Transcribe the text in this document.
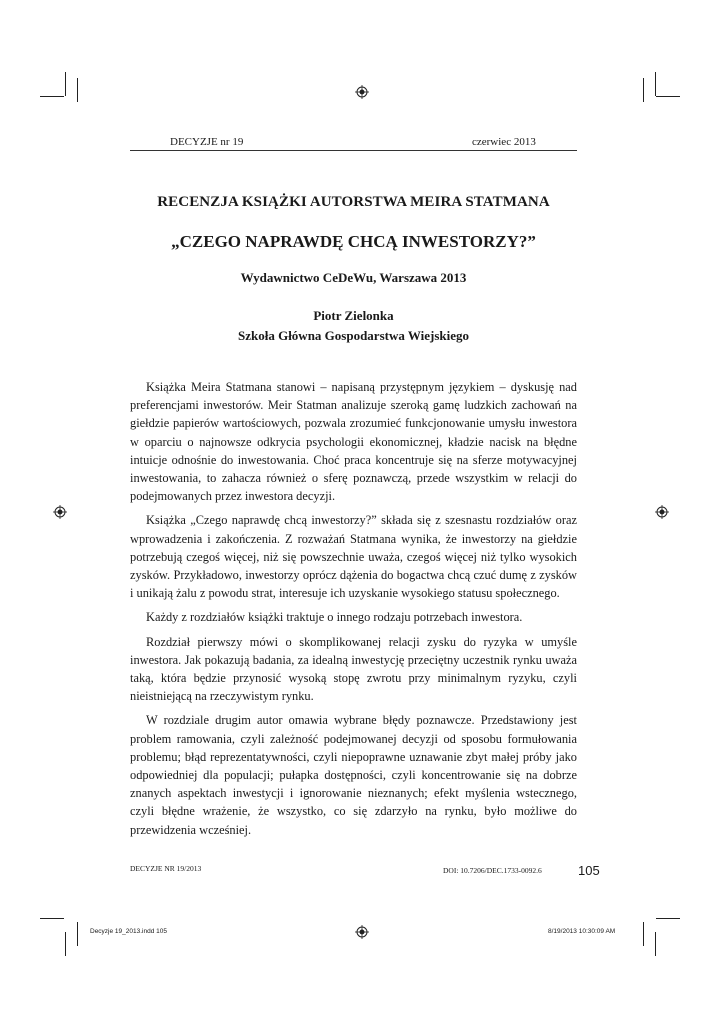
DECYZJE nr 19	czerwiec 2013
RECENZJA KSIĄŻKI AUTORSTWA MEIRA STATMANA
„CZEGO NAPRAWDĘ CHCĄ INWESTORZY?”
Wydawnictwo CeDeWu, Warszawa 2013
Piotr Zielonka
Szkoła Główna Gospodarstwa Wiejskiego

Książka Meira Statmana stanowi – napisaną przystępnym językiem – dyskusję nad preferencjami inwestorów. Meir Statman analizuje szeroką gamę ludzkich zachowań na giełdzie papierów wartościowych, pozwala zrozumieć funkcjonowanie umysłu inwestora w oparciu o najnowsze odkrycia psychologii ekonomicznej, kładzie nacisk na błędne intuicje odnośnie do inwestowania. Choć praca koncentruje się na sferze motywacyjnej inwestowania, to zahacza również o sferę poznawczą, przede wszystkim w relacji do podejmowanych przez inwestora decyzji.

Książka „Czego naprawdę chcą inwestorzy?” składa się z szesnastu rozdziałów oraz wprowadzenia i zakończenia. Z rozważań Statmana wynika, że inwestorzy na giełdzie potrzebują czegoś więcej, niż się powszechnie uważa, czegoś więcej niż tylko wysokich zysków. Przykładowo, inwestorzy oprócz dążenia do bogactwa chcą czuć dumę z zysków i unikają żalu z powodu strat, interesuje ich uzyskanie wysokiego statusu społecznego.

Każdy z rozdziałów książki traktuje o innego rodzaju potrzebach inwestora.

Rozdział pierwszy mówi o skomplikowanej relacji zysku do ryzyka w umyśle inwestora. Jak pokazują badania, za idealną inwestycję przeciętny uczestnik rynku uważa taką, która będzie przynosić wysoką stopę zwrotu przy minimalnym ryzyku, czyli nieistniejącą na rzeczywistym rynku.

W rozdziale drugim autor omawia wybrane błędy poznawcze. Przedstawiony jest problem ramowania, czyli zależność podejmowanej decyzji od sposobu formułowania problemu; błąd reprezentatywności, czyli niepoprawne uznawanie zbyt małej próby jako odpowiedniej dla populacji; pułapka dostępności, czyli koncentrowanie się na dobrze znanych aspektach inwestycji i ignorowanie nieznanych; efekt myślenia wstecznego, czyli błędne wrażenie, że wszystko, co się zdarzyło na rynku, było możliwe do przewidzenia wcześniej.

DECYZJE NR 19/2013	DOI: 10.7206/DEC.1733-0092.6	105
Decyzje 19_2013.indd 105	8/19/2013 10:30:09 AM
